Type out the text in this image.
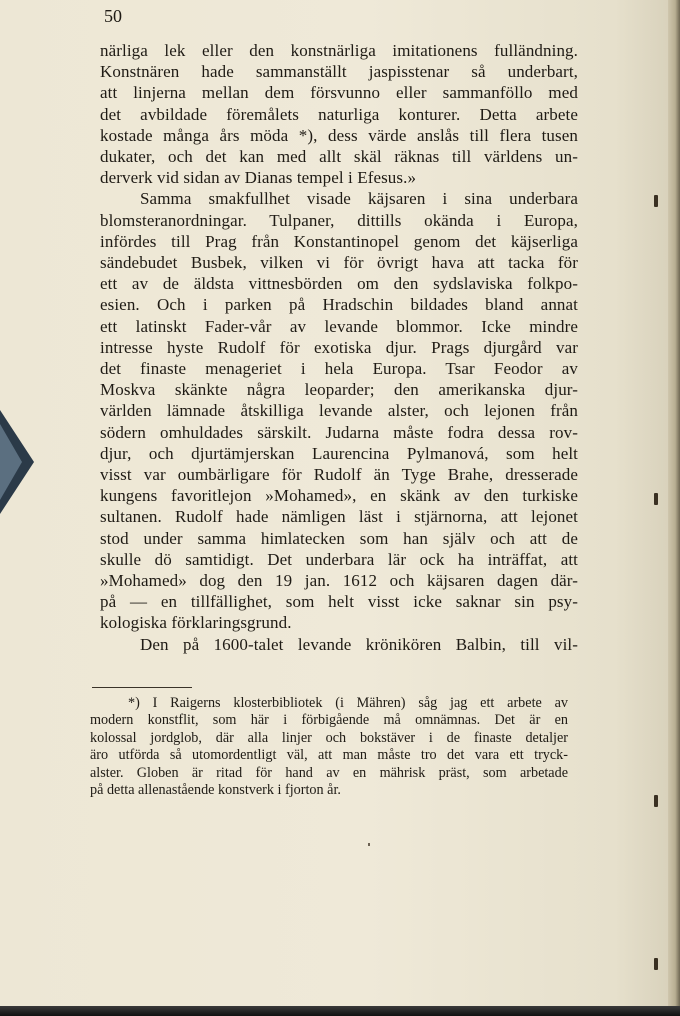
50

närliga lek eller den konstnärliga imitationens fulländning.
Konstnären hade sammanställt jaspisstenar så underbart,
att linjerna mellan dem försvunno eller sammanföllo med
det avbildade föremålets naturliga konturer. Detta arbete
kostade många års möda *), dess värde anslås till flera tusen
dukater, och det kan med allt skäl räknas till världens un-
derverk vid sidan av Dianas tempel i Efesus.»
Samma smakfullhet visade käjsaren i sina underbara
blomsteranordningar. Tulpaner, dittills okända i Europa,
infördes till Prag från Konstantinopel genom det käjserliga
sändebudet Busbek, vilken vi för övrigt hava att tacka för
ett av de äldsta vittnesbörden om den sydslaviska folkpo-
esien. Och i parken på Hradschin bildades bland annat
ett latinskt Fader-vår av levande blommor. Icke mindre
intresse hyste Rudolf för exotiska djur. Prags djurgård var
det finaste menageriet i hela Europa. Tsar Feodor av
Moskva skänkte några leoparder; den amerikanska djur-
världen lämnade åtskilliga levande alster, och lejonen från
södern omhuldades särskilt. Judarna måste fodra dessa rov-
djur, och djurtämjerskan Laurencina Pylmanová, som helt
visst var oumbärligare för Rudolf än Tyge Brahe, dresserade
kungens favoritlejon »Mohamed», en skänk av den turkiske
sultanen. Rudolf hade nämligen läst i stjärnorna, att lejonet
stod under samma himlatecken som han själv och att de
skulle dö samtidigt. Det underbara lär ock ha inträffat, att
»Mohamed» dog den 19 jan. 1612 och käjsaren dagen där-
på — en tillfällighet, som helt visst icke saknar sin psy-
kologiska förklaringsgrund.
Den på 1600-talet levande krönikören Balbin, till vil-
*) I Raigerns klosterbibliotek (i Mähren) såg jag ett arbete av
modern konstflit, som här i förbigående må omnämnas. Det är en
kolossal jordglob, där alla linjer och bokstäver i de finaste detaljer
äro utförda så utomordentligt väl, att man måste tro det vara ett tryck-
alster. Globen är ritad för hand av en mährisk präst, som arbetade
på detta allenastående konstverk i fjorton år.
